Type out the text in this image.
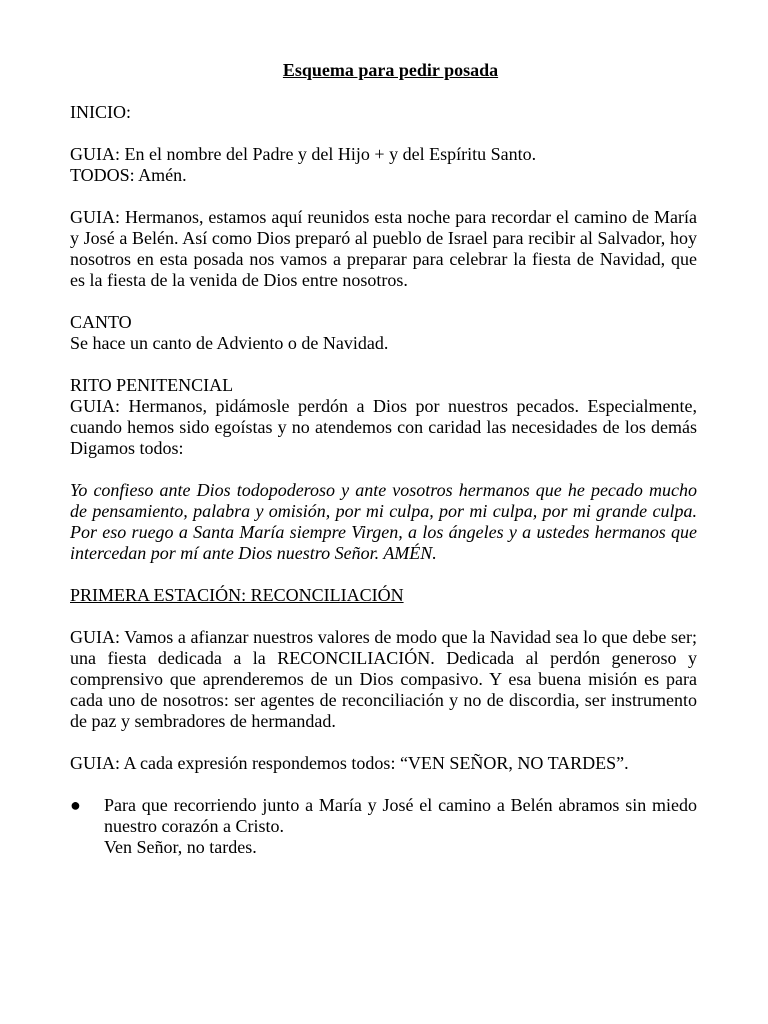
Esquema para pedir posada

INICIO:

GUIA: En el nombre del Padre y del Hijo + y del Espíritu Santo.
TODOS: Amén.

GUIA: Hermanos, estamos aquí reunidos esta noche para recordar el camino de María y José a Belén. Así como Dios preparó al pueblo de Israel para recibir al Salvador, hoy nosotros en esta posada nos vamos a preparar para celebrar la fiesta de Navidad, que es la fiesta de la venida de Dios entre nosotros.

CANTO
Se hace un canto de Adviento o de Navidad.

RITO PENITENCIAL
GUIA: Hermanos, pidámosle perdón a Dios por nuestros pecados. Especialmente, cuando hemos sido egoístas y no atendemos con caridad las necesidades de los demás Digamos todos:

Yo confieso ante Dios todopoderoso y ante vosotros hermanos que he pecado mucho de pensamiento, palabra y omisión, por mi culpa, por mi culpa, por mi grande culpa. Por eso ruego a Santa María siempre Virgen, a los ángeles y a ustedes hermanos que intercedan por mí ante Dios nuestro Señor. AMÉN.

PRIMERA ESTACIÓN: RECONCILIACIÓN

GUIA: Vamos a afianzar nuestros valores de modo que la Navidad sea lo que debe ser; una fiesta dedicada a la RECONCILIACIÓN. Dedicada al perdón generoso y comprensivo que aprenderemos de un Dios compasivo. Y esa buena misión es para cada uno de nosotros: ser agentes de reconciliación y no de discordia, ser instrumento de paz y sembradores de hermandad.

GUIA: A cada expresión respondemos todos: “VEN SEÑOR, NO TARDES”.

● Para que recorriendo junto a María y José el camino a Belén abramos sin miedo nuestro corazón a Cristo.
Ven Señor, no tardes.
